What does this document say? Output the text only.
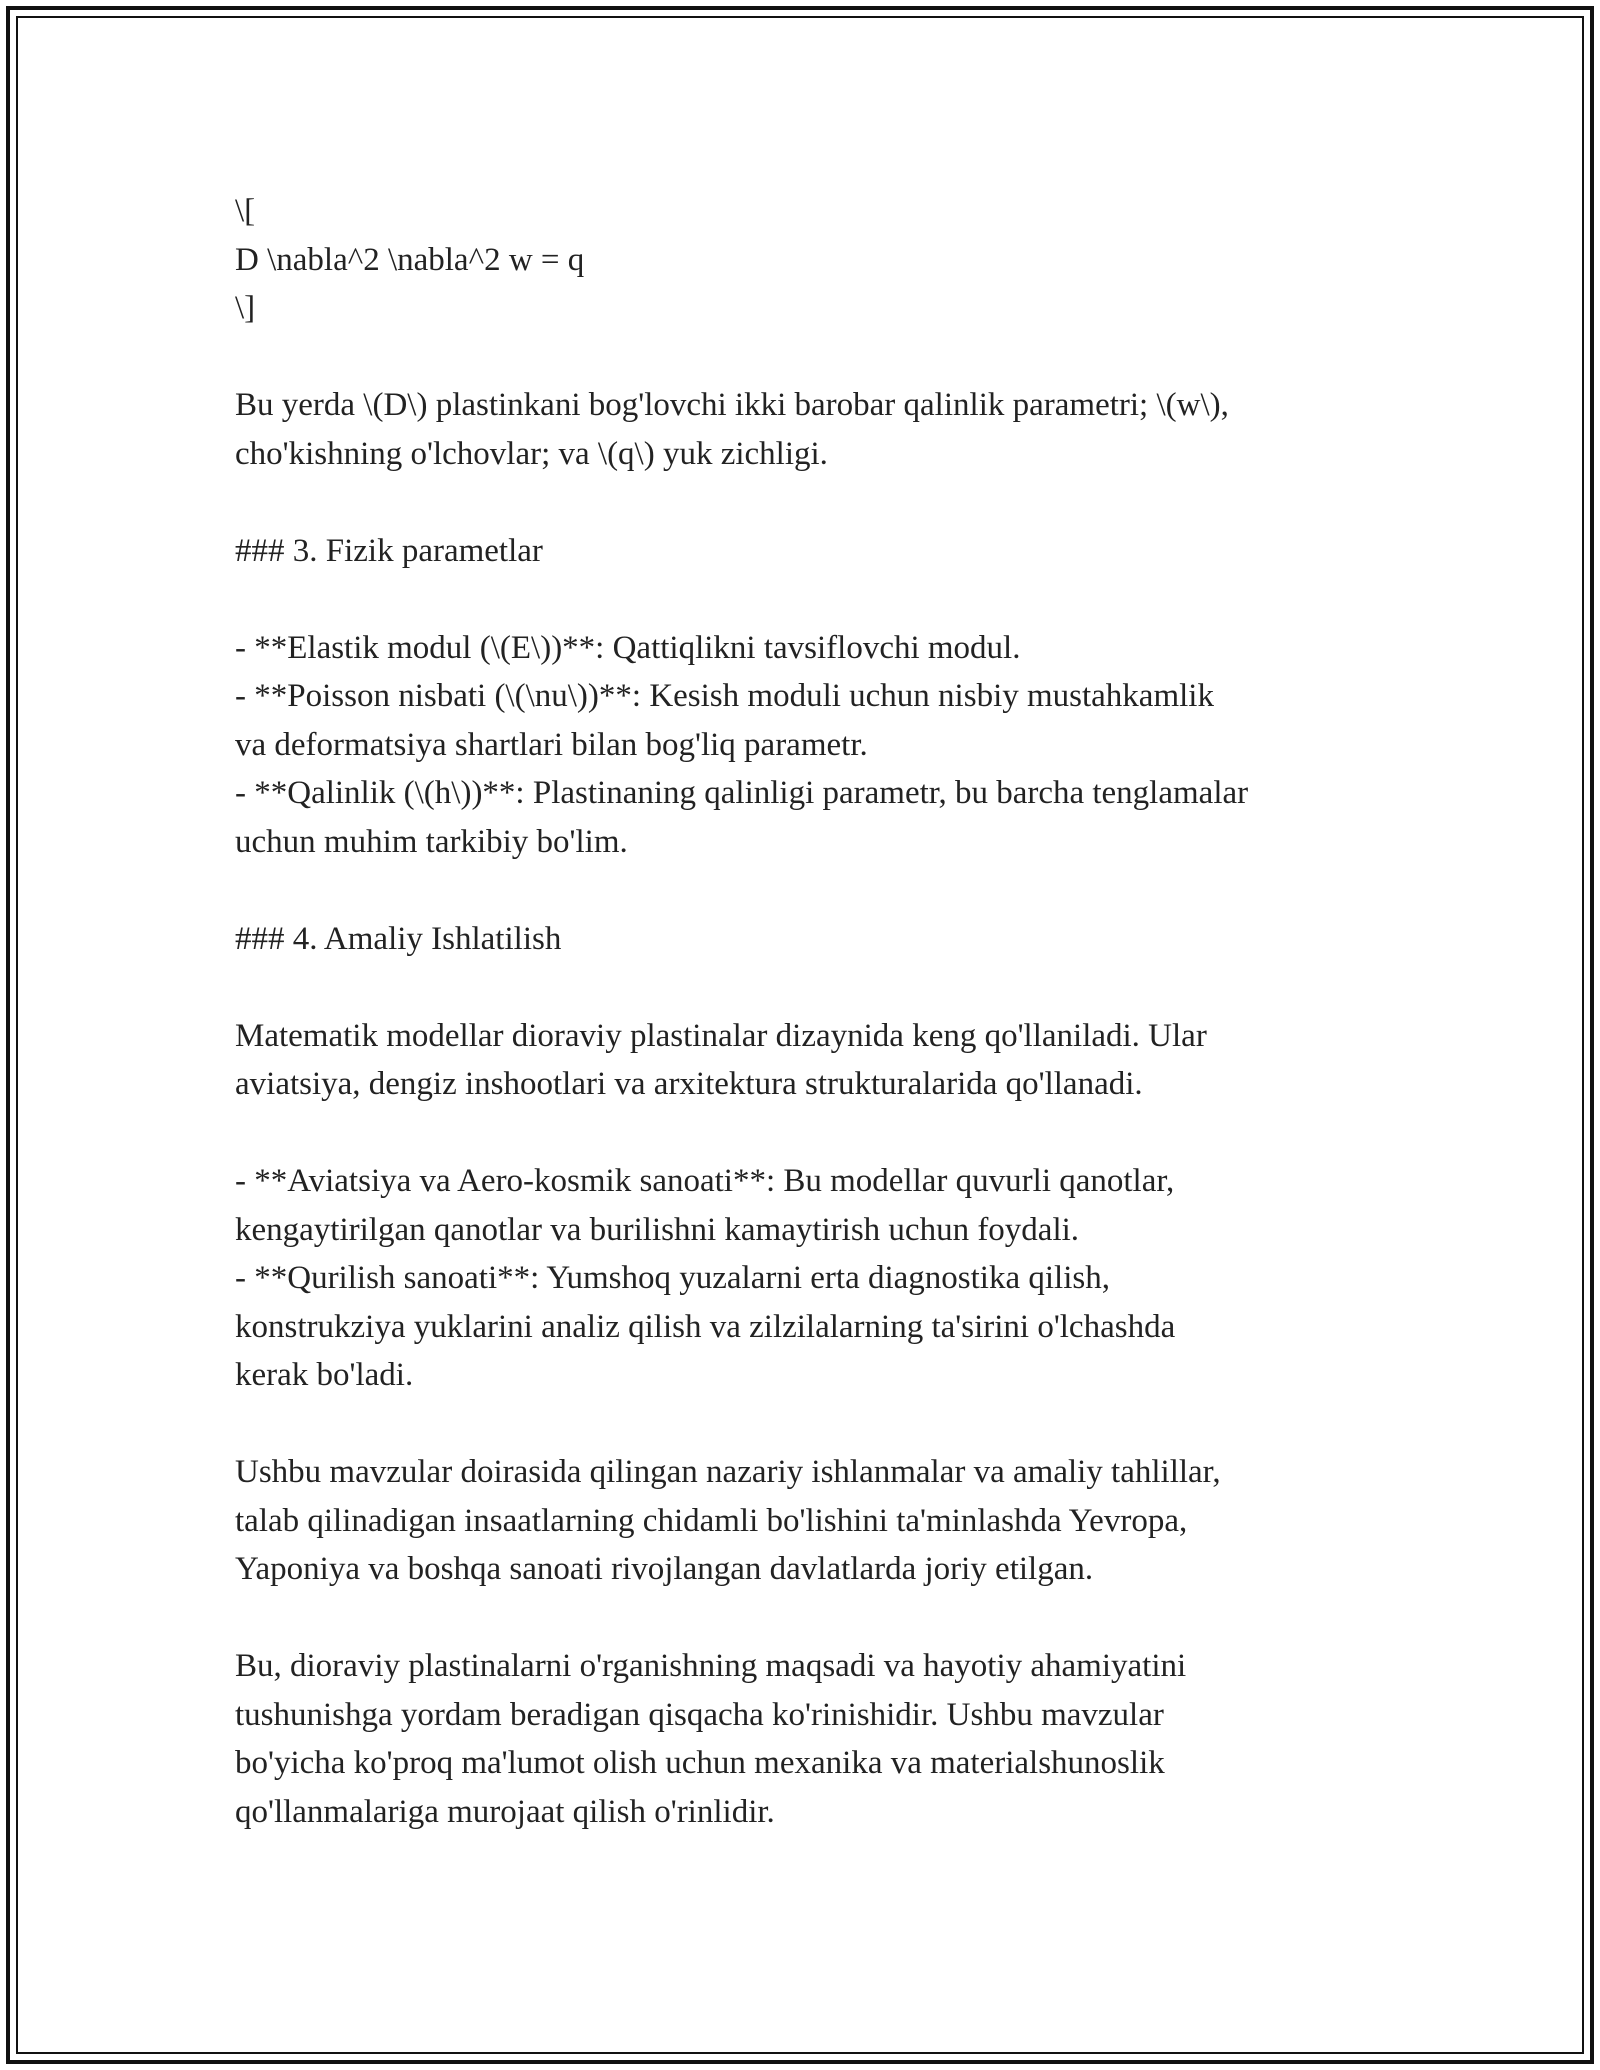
\[

D \nabla^2 \nabla^2 w = q

\]

Bu yerda \(D\) plastinkani bog'lovchi ikki barobar qalinlik parametri; \(w\),

cho'kishning o'lchovlar; va \(q\) yuk zichligi.

### 3. Fizik parametlar

- **Elastik modul (\(E\))**: Qattiqlikni tavsiflovchi modul.

- **Poisson nisbati (\(\nu\))**: Kesish moduli uchun nisbiy mustahkamlik

va deformatsiya shartlari bilan bog'liq parametr.

- **Qalinlik (\(h\))**: Plastinaning qalinligi parametr, bu barcha tenglamalar

uchun muhim tarkibiy bo'lim.

### 4. Amaliy Ishlatilish

Matematik modellar dioraviy plastinalar dizaynida keng qo'llaniladi. Ular

aviatsiya, dengiz inshootlari va arxitektura strukturalarida qo'llanadi.

- **Aviatsiya va Aero-kosmik sanoati**: Bu modellar quvurli qanotlar,

kengaytirilgan qanotlar va burilishni kamaytirish uchun foydali.

- **Qurilish sanoati**: Yumshoq yuzalarni erta diagnostika qilish,

konstrukziya yuklarini analiz qilish va zilzilalarning ta'sirini o'lchashda

kerak bo'ladi.

Ushbu mavzular doirasida qilingan nazariy ishlanmalar va amaliy tahlillar,

talab qilinadigan insaatlarning chidamli bo'lishini ta'minlashda Yevropa,

Yaponiya va boshqa sanoati rivojlangan davlatlarda joriy etilgan.

Bu, dioraviy plastinalarni o'rganishning maqsadi va hayotiy ahamiyatini

tushunishga yordam beradigan qisqacha ko'rinishidir. Ushbu mavzular

bo'yicha ko'proq ma'lumot olish uchun mexanika va materialshunoslik

qo'llanmalariga murojaat qilish o'rinlidir.
